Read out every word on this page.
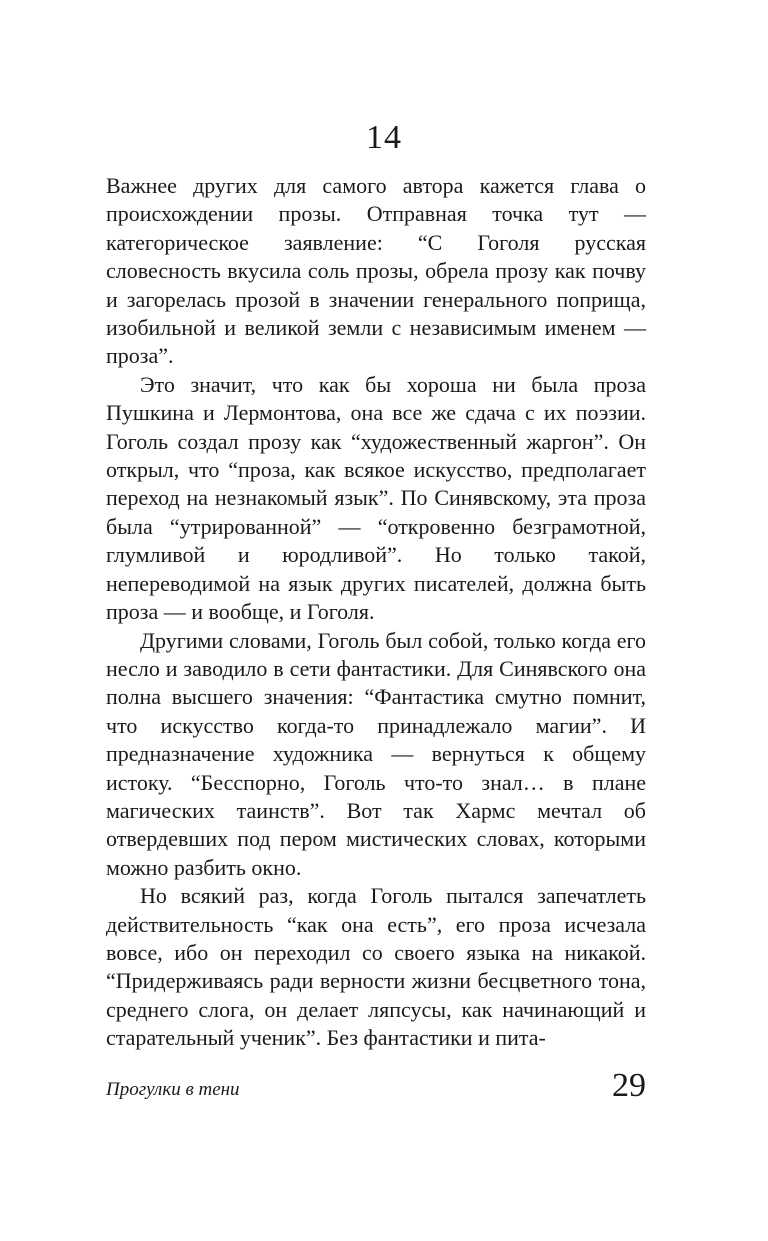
14

Важнее других для самого автора кажется глава о происхождении прозы. Отправная точка тут — категорическое заявление: “С Гоголя русская словесность вкусила соль прозы, обрела прозу как почву и загорелась прозой в значении генерального поприща, изобильной и великой земли с независимым именем — проза”.

Это значит, что как бы хороша ни была проза Пушкина и Лермонтова, она все же сдача с их поэзии. Гоголь создал прозу как “художественный жаргон”. Он открыл, что “проза, как всякое искусство, предполагает переход на незнакомый язык”. По Синявскому, эта проза была “утрированной” — “откровенно безграмотной, глумливой и юродливой”. Но только такой, непереводимой на язык других писателей, должна быть проза — и вообще, и Гоголя.

Другими словами, Гоголь был собой, только когда его несло и заводило в сети фантастики. Для Синявского она полна высшего значения: “Фантастика смутно помнит, что искусство когда-то принадлежало магии”. И предназначение художника — вернуться к общему истоку. “Бесспорно, Гоголь что-то знал… в плане магических таинств”. Вот так Хармс мечтал об отвердевших под пером мистических словах, которыми можно разбить окно.

Но всякий раз, когда Гоголь пытался запечатлеть действительность “как она есть”, его проза исчезала вовсе, ибо он переходил со своего языка на никакой. “Придерживаясь ради верности жизни бесцветного тона, среднего слога, он делает ляпсусы, как начинающий и старательный ученик”. Без фантастики и пита-

Прогулки в тени	29
